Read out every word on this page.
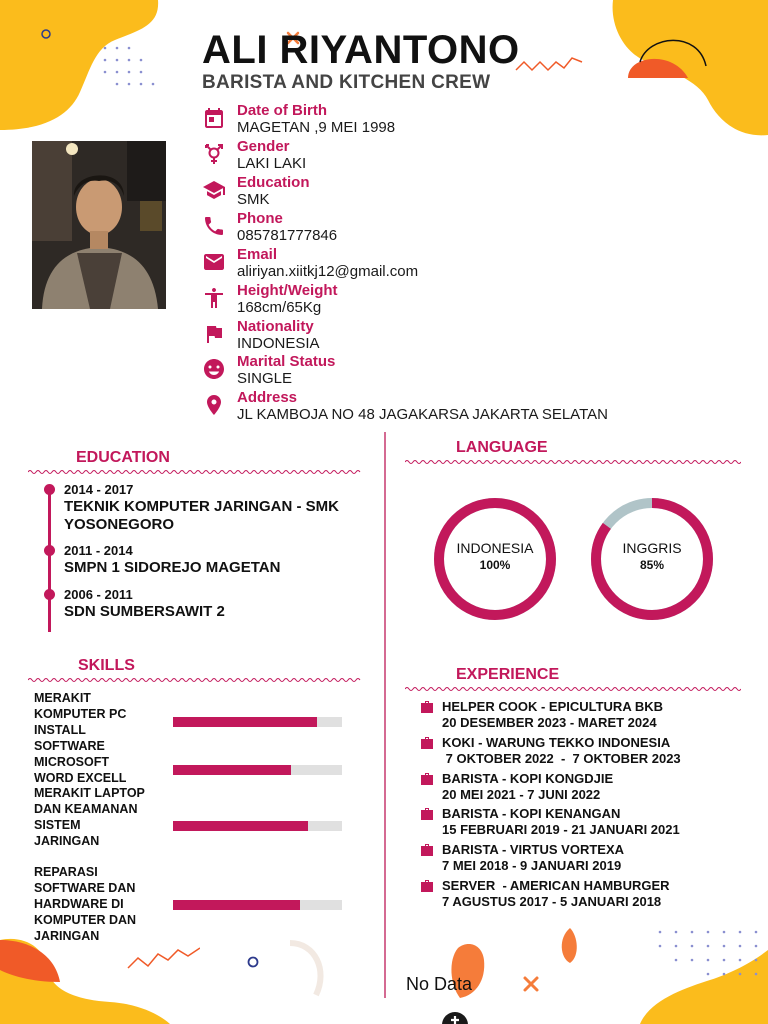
ALI RIYANTONO
BARISTA AND KITCHEN CREW
Date of Birth
MAGETAN ,9 MEI 1998
Gender
LAKI LAKI
Education
SMK
Phone
085781777846
Email
aliriyan.xiitkj12@gmail.com
Height/Weight
168cm/65Kg
Nationality
INDONESIA
Marital Status
SINGLE
Address
JL KAMBOJA NO 48 JAGAKARSA JAKARTA SELATAN
EDUCATION
2014 - 2017
TEKNIK KOMPUTER JARINGAN - SMK YOSONEGORO
2011 - 2014
SMPN 1 SIDOREJO MAGETAN
2006 - 2011
SDN SUMBERSAWIT 2
LANGUAGE
INDONESIA
100%
INGGRIS
85%
SKILLS
MERAKIT KOMPUTER PC
INSTALL SOFTWARE MICROSOFT WORD EXCELL
MERAKIT LAPTOP DAN KEAMANAN SISTEM JARINGAN
REPARASI SOFTWARE DAN HARDWARE DI KOMPUTER DAN JARINGAN
EXPERIENCE
HELPER COOK - EPICULTURA BKB
20 DESEMBER 2023 - MARET 2024
KOKI - WARUNG TEKKO INDONESIA
7 OKTOBER 2022  -  7 OKTOBER 2023
BARISTA - KOPI KONGDJIE
20 MEI 2021 - 7 JUNI 2022
BARISTA - KOPI KENANGAN
15 FEBRUARI 2019 - 21 JANUARI 2021
BARISTA - VIRTUS VORTEXA
7 MEI 2018 - 9 JANUARI 2019
SERVER  - AMERICAN HAMBURGER
7 AGUSTUS 2017 - 5 JANUARI 2018
No Data
